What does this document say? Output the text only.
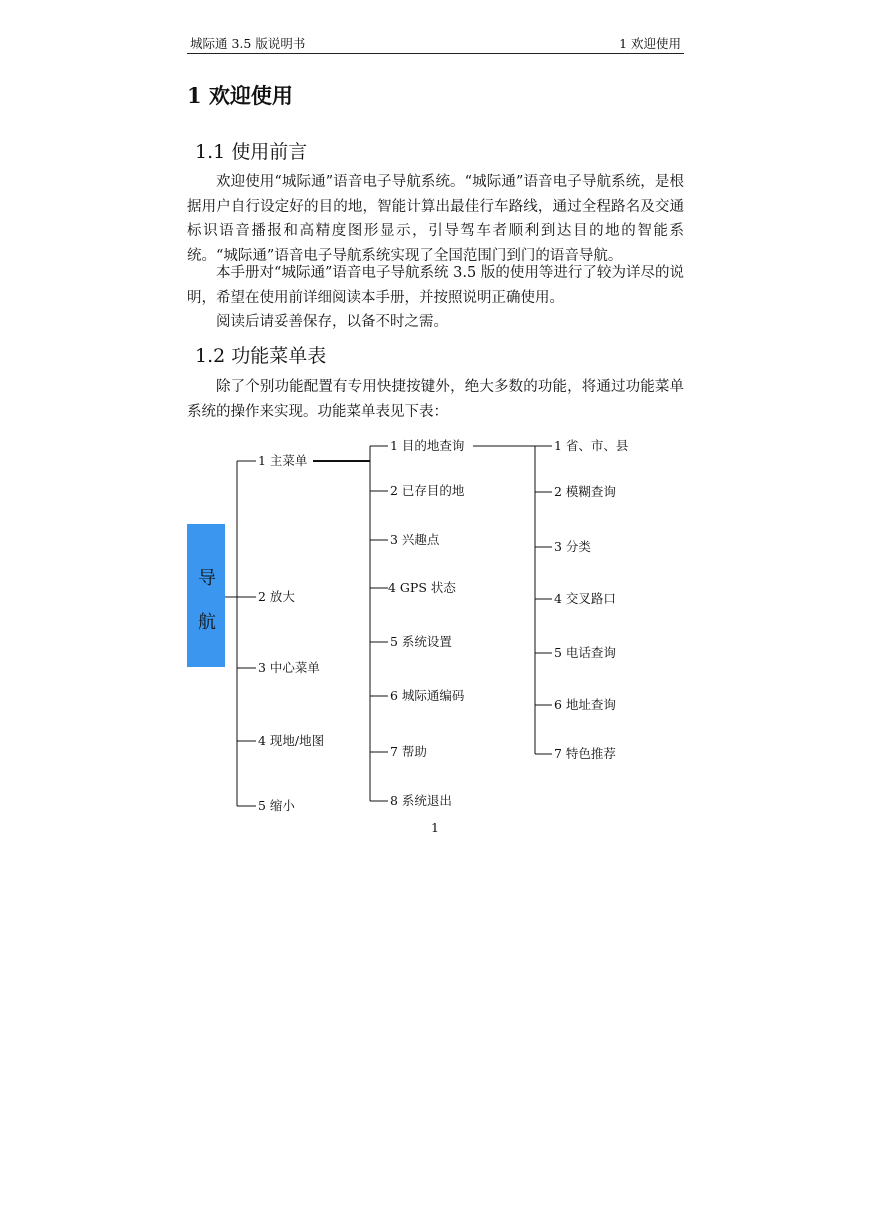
城际通 3.5 版说明书	1 欢迎使用
1 欢迎使用
1.1 使用前言

欢迎使用“城际通”语音电子导航系统。“城际通”语音电子导航系统，是根据用户自行设定好的目的地，智能计算出最佳行车路线，通过全程路名及交通标识语音播报和高精度图形显示，引导驾车者顺利到达目的地的智能系统。“城际通”语音电子导航系统实现了全国范围门到门的语音导航。

本手册对“城际通”语音电子导航系统 3.5 版的使用等进行了较为详尽的说明，希望在使用前详细阅读本手册，并按照说明正确使用。

阅读后请妥善保存，以备不时之需。

1.2 功能菜单表

除了个别功能配置有专用快捷按键外，绝大多数的功能，将通过功能菜单系统的操作来实现。功能菜单表见下表：

导
航
1 主菜单
2 放大
3 中心菜单
4 现地/地图
5 缩小
1 目的地查询
2 已存目的地
3 兴趣点
4 GPS 状态
5 系统设置
6 城际通编码
7 帮助
8 系统退出
1 省、市、县
2 模糊查询
3 分类
4 交叉路口
5 电话查询
6 地址查询
7 特色推荐
1
